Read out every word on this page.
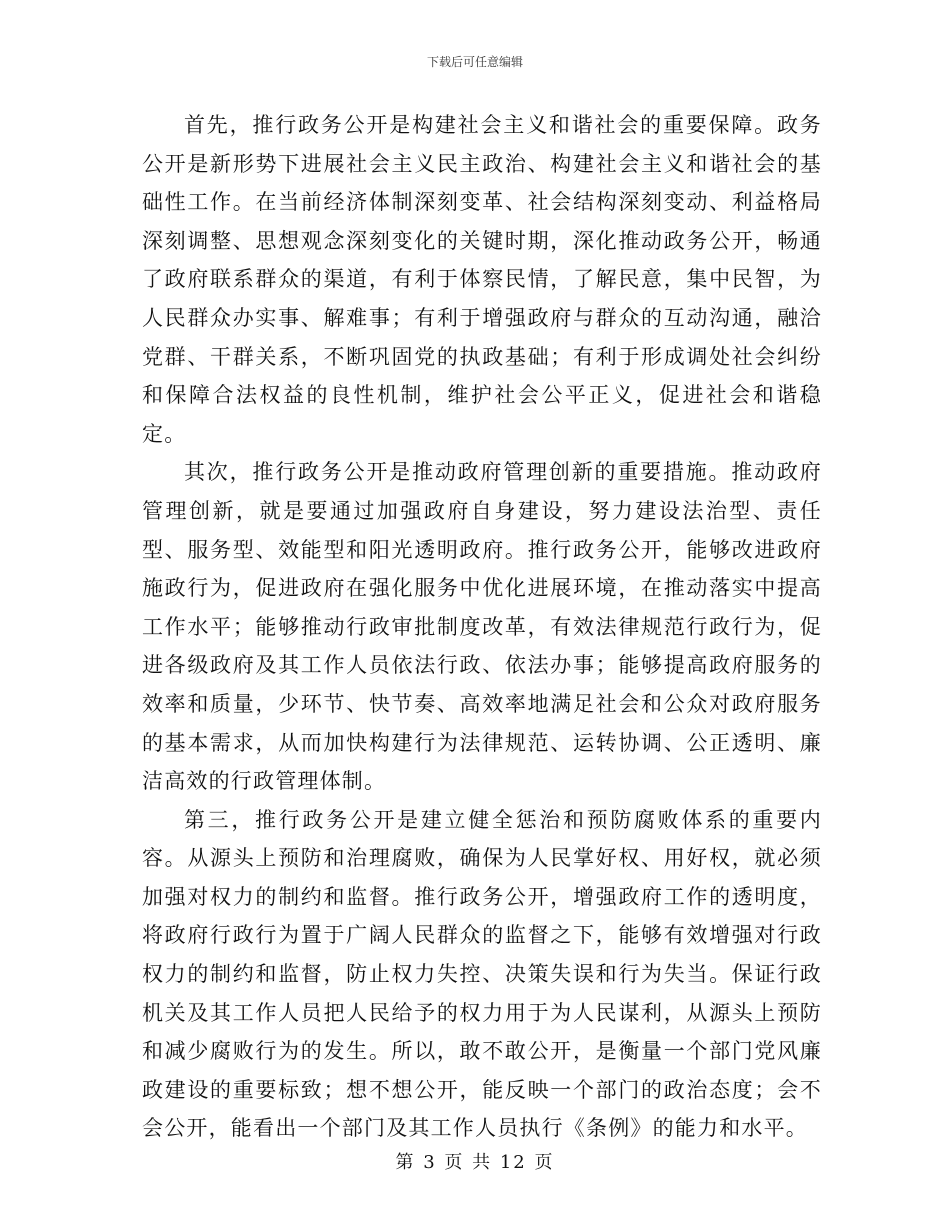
下载后可任意编辑

首先，推行政务公开是构建社会主义和谐社会的重要保障。政务公开是新形势下进展社会主义民主政治、构建社会主义和谐社会的基础性工作。在当前经济体制深刻变革、社会结构深刻变动、利益格局深刻调整、思想观念深刻变化的关键时期，深化推动政务公开，畅通了政府联系群众的渠道，有利于体察民情，了解民意，集中民智，为人民群众办实事、解难事；有利于增强政府与群众的互动沟通，融洽党群、干群关系，不断巩固党的执政基础；有利于形成调处社会纠纷和保障合法权益的良性机制，维护社会公平正义，促进社会和谐稳定。

其次，推行政务公开是推动政府管理创新的重要措施。推动政府管理创新，就是要通过加强政府自身建设，努力建设法治型、责任型、服务型、效能型和阳光透明政府。推行政务公开，能够改进政府施政行为，促进政府在强化服务中优化进展环境，在推动落实中提高工作水平；能够推动行政审批制度改革，有效法律规范行政行为，促进各级政府及其工作人员依法行政、依法办事；能够提高政府服务的效率和质量，少环节、快节奏、高效率地满足社会和公众对政府服务的基本需求，从而加快构建行为法律规范、运转协调、公正透明、廉洁高效的行政管理体制。

第三，推行政务公开是建立健全惩治和预防腐败体系的重要内容。从源头上预防和治理腐败，确保为人民掌好权、用好权，就必须加强对权力的制约和监督。推行政务公开，增强政府工作的透明度，将政府行政行为置于广阔人民群众的监督之下，能够有效增强对行政权力的制约和监督，防止权力失控、决策失误和行为失当。保证行政机关及其工作人员把人民给予的权力用于为人民谋利，从源头上预防和减少腐败行为的发生。所以，敢不敢公开，是衡量一个部门党风廉政建设的重要标致；想不想公开，能反映一个部门的政治态度；会不会公开，能看出一个部门及其工作人员执行《条例》的能力和水平。

第 3 页 共 12 页
